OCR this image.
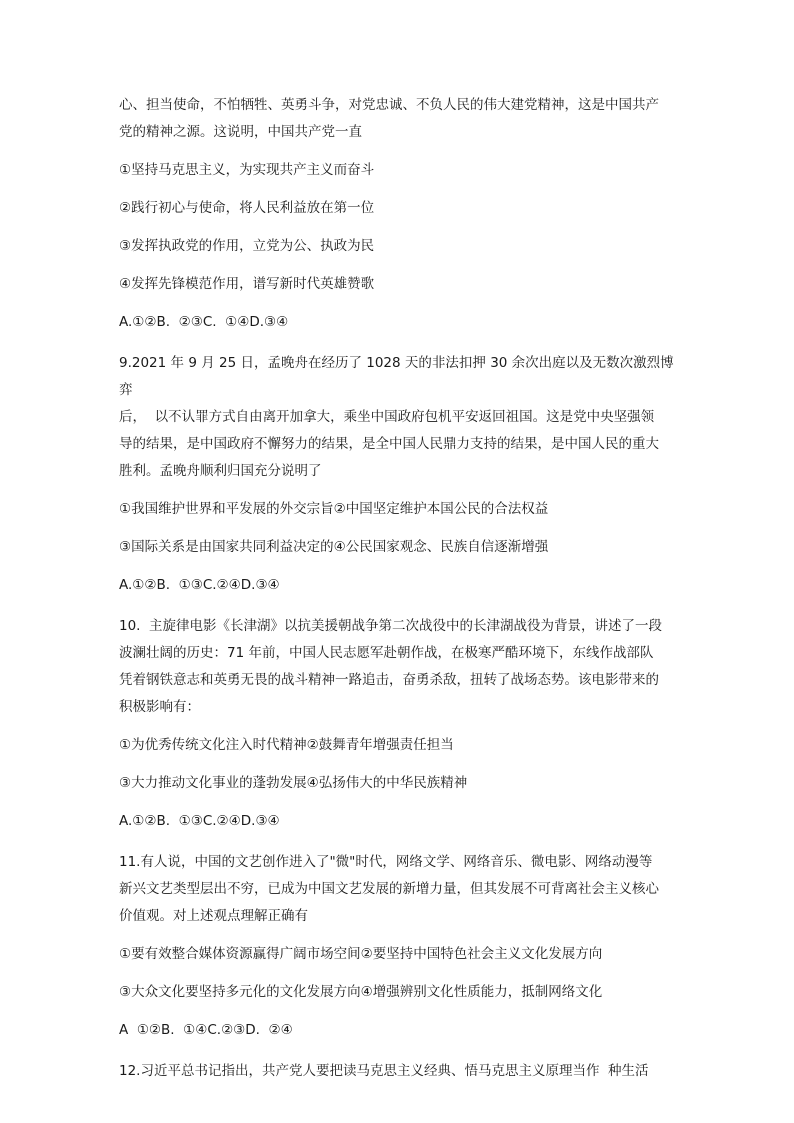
心、担当使命，不怕牺牲、英勇斗争，对党忠诚、不负人民的伟大建党精神，这是中国共产

党的精神之源。这说明，中国共产党一直

①坚持马克思主义，为实现共产主义而奋斗

②践行初心与使命，将人民利益放在第一位

③发挥执政党的作用，立党为公、执政为民

④发挥先锋模范作用，谱写新时代英雄赞歌

A.①②B.  ②③C.  ①④D.③④

9.2021 年 9 月 25 日，孟晚舟在经历了 1028 天的非法扣押 30 余次出庭以及无数次激烈博弈

后，  以不认罪方式自由离开加拿大，乘坐中国政府包机平安返回祖国。这是党中央坚强领

导的结果，是中国政府不懈努力的结果，是全中国人民鼎力支持的结果，是中国人民的重大

胜利。孟晚舟顺利归国充分说明了

①我国维护世界和平发展的外交宗旨②中国坚定维护本国公民的合法权益

③国际关系是由国家共同利益决定的④公民国家观念、民族自信逐渐增强

A.①②B.  ①③C.②④D.③④

10.  主旋律电影《长津湖》以抗美援朝战争第二次战役中的长津湖战役为背景，讲述了一段

波澜壮阔的历史：71 年前，中国人民志愿军赴朝作战，在极寒严酷环境下，东线作战部队

凭着钢铁意志和英勇无畏的战斗精神一路追击，奋勇杀敌，扭转了战场态势。该电影带来的

积极影响有：

①为优秀传统文化注入时代精神②鼓舞青年增强责任担当

③大力推动文化事业的蓬勃发展④弘扬伟大的中华民族精神

A.①②B.  ①③C.②④D.③④

11.有人说，中国的文艺创作进入了"微"时代，网络文学、网络音乐、微电影、网络动漫等

新兴文艺类型层出不穷，已成为中国文艺发展的新增力量，但其发展不可背离社会主义核心

价值观。对上述观点理解正确有

①要有效整合媒体资源赢得广阔市场空间②要坚持中国特色社会主义文化发展方向

③大众文化要坚持多元化的文化发展方向④增强辨别文化性质能力，抵制网络文化

A  ①②B.  ①④C.②③D.  ②④

12.习近平总书记指出，共产党人要把读马克思主义经典、悟马克思主义原理当作  种生活
